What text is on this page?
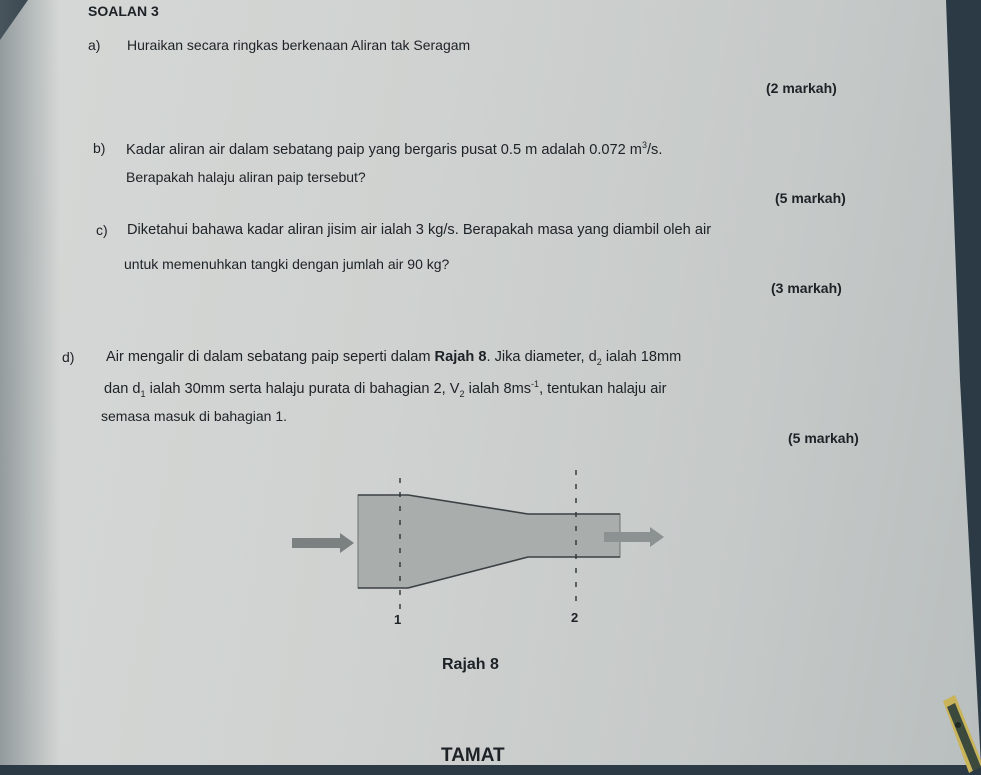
SOALAN 3
a) Huraikan secara ringkas berkenaan Aliran tak Seragam
(2 markah)
b) Kadar aliran air dalam sebatang paip yang bergaris pusat 0.5 m adalah 0.072 $m^3/s$.
Berapakah halaju aliran paip tersebut?
(5 markah)
c) Diketahui bahawa kadar aliran jisim air ialah 3 kg/s. Berapakah masa yang diambil oleh air
untuk memenuhkan tangki dengan jumlah air 90 kg?
(3 markah)
d) Air mengalir di dalam sebatang paip seperti dalam Rajah 8. Jika diameter, $d_2$ ialah 18mm
dan $d_1$ ialah 30mm serta halaju purata di bahagian 2, $V_2$ ialah $8ms^{-1}$, tentukan halaju air
semasa masuk di bahagian 1.
(5 markah)
1	2
Rajah 8
TAMAT
